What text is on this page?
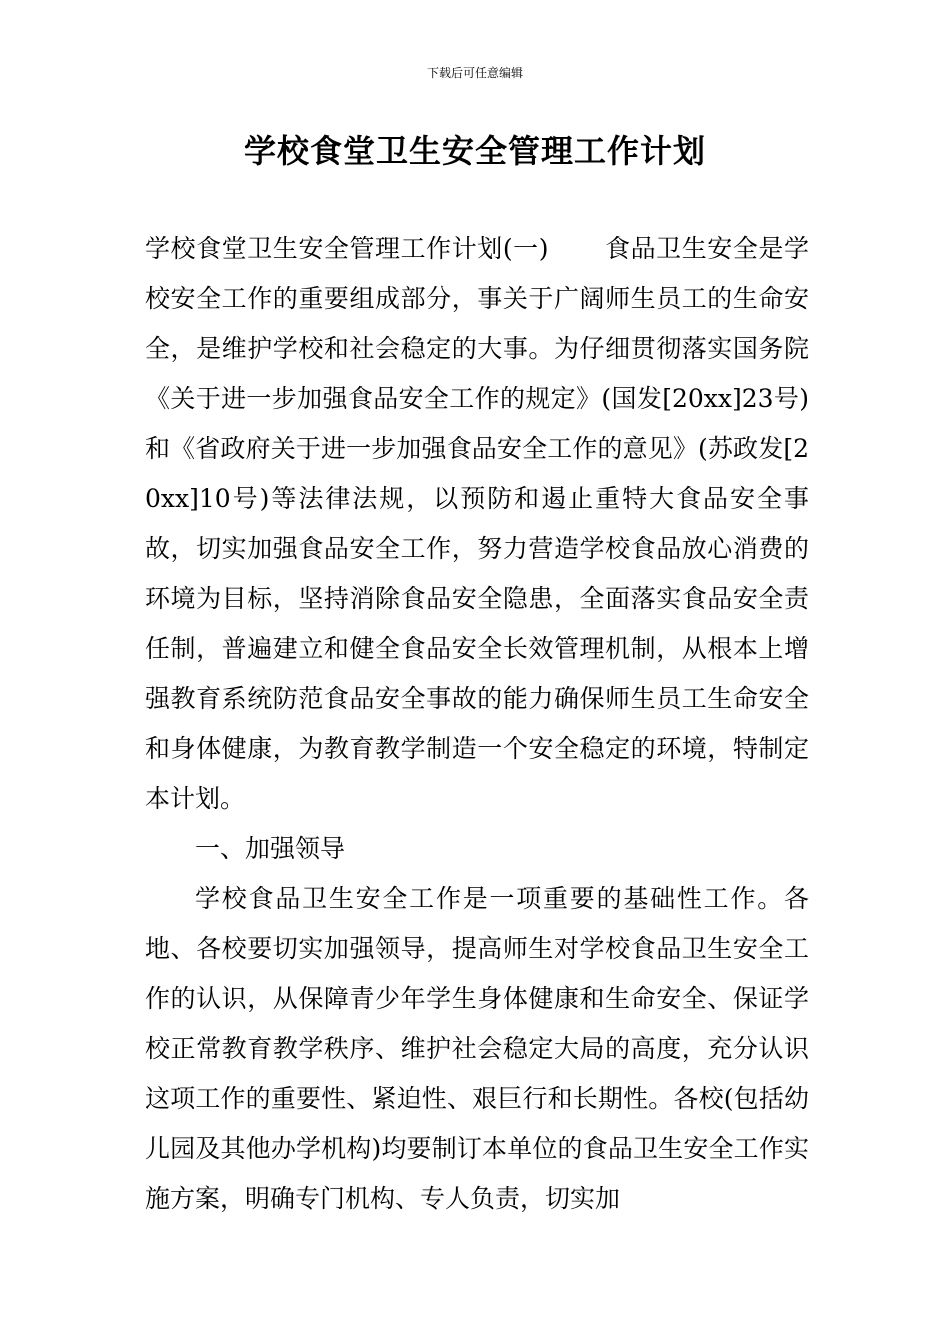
下载后可任意编辑
学校食堂卫生安全管理工作计划

学校食堂卫生安全管理工作计划(一) 食品卫生安全是学校安全工作的重要组成部分，事关于广阔师生员工的生命安全，是维护学校和社会稳定的大事。为仔细贯彻落实国务院《关于进一步加强食品安全工作的规定》(国发[20xx]23号)和《省政府关于进一步加强食品安全工作的意见》(苏政发[20xx]10号)等法律法规，以预防和遏止重特大食品安全事故，切实加强食品安全工作，努力营造学校食品放心消费的环境为目标，坚持消除食品安全隐患，全面落实食品安全责任制，普遍建立和健全食品安全长效管理机制，从根本上增强教育系统防范食品安全事故的能力确保师生员工生命安全和身体健康，为教育教学制造一个安全稳定的环境，特制定本计划。

一、加强领导

学校食品卫生安全工作是一项重要的基础性工作。各地、各校要切实加强领导，提高师生对学校食品卫生安全工作的认识，从保障青少年学生身体健康和生命安全、保证学校正常教育教学秩序、维护社会稳定大局的高度，充分认识这项工作的重要性、紧迫性、艰巨行和长期性。各校(包括幼儿园及其他办学机构)均要制订本单位的食品卫生安全工作实施方案，明确专门机构、专人负责，切实加
